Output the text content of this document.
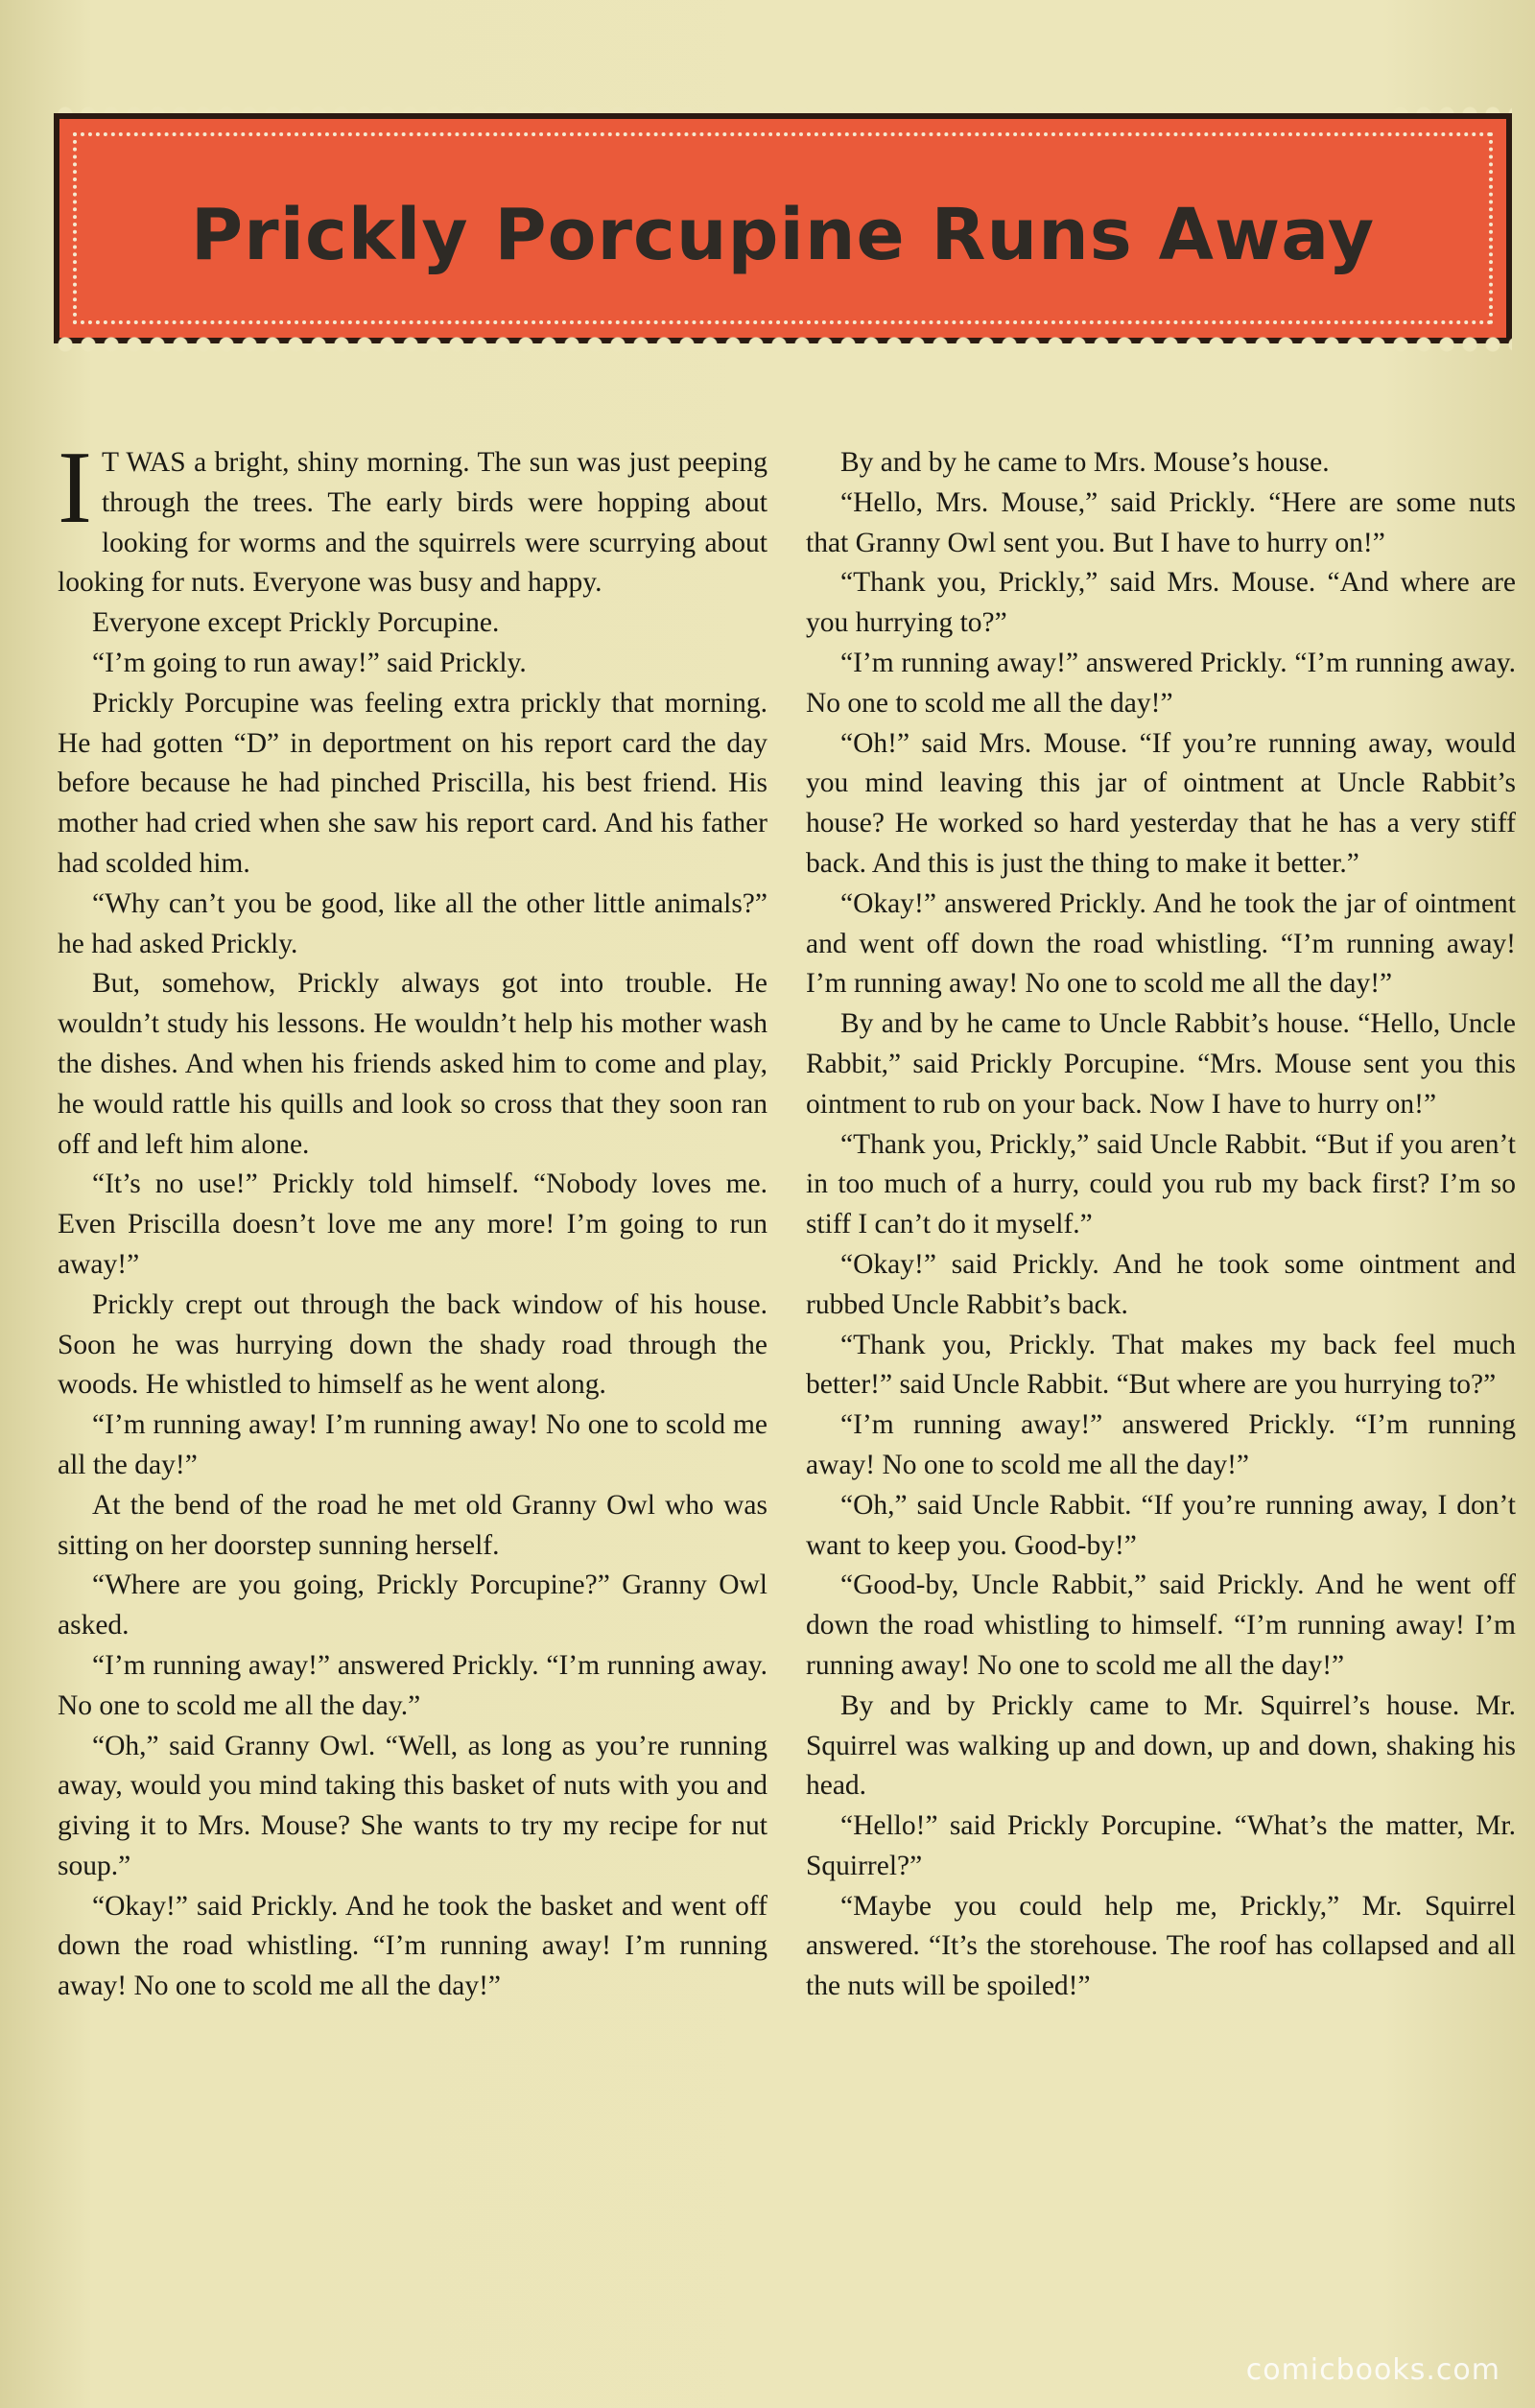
Prickly Porcupine Runs Away

I T WAS a bright, shiny morning. The sun was just peeping through the trees. The early birds were hopping about looking for worms and the squirrels were scurrying about looking for nuts. Everyone was busy and happy.

Everyone except Prickly Porcupine.

“I’m going to run away!” said Prickly.

Prickly Porcupine was feeling extra prickly that morning. He had gotten “D” in deportment on his report card the day before because he had pinched Priscilla, his best friend. His mother had cried when she saw his report card. And his father had scolded him.

“Why can’t you be good, like all the other little animals?” he had asked Prickly.

But, somehow, Prickly always got into trouble. He wouldn’t study his lessons. He wouldn’t help his mother wash the dishes. And when his friends asked him to come and play, he would rattle his quills and look so cross that they soon ran off and left him alone.

“It’s no use!” Prickly told himself. “Nobody loves me. Even Priscilla doesn’t love me any more! I’m going to run away!”

Prickly crept out through the back window of his house. Soon he was hurrying down the shady road through the woods. He whistled to himself as he went along.

“I’m running away! I’m running away! No one to scold me all the day!”

At the bend of the road he met old Granny Owl who was sitting on her doorstep sunning herself.

“Where are you going, Prickly Porcupine?” Granny Owl asked.

“I’m running away!” answered Prickly. “I’m running away. No one to scold me all the day.”

“Oh,” said Granny Owl. “Well, as long as you’re running away, would you mind taking this basket of nuts with you and giving it to Mrs. Mouse? She wants to try my recipe for nut soup.”

“Okay!” said Prickly. And he took the basket and went off down the road whistling. “I’m running away! I’m running away! No one to scold me all the day!”

By and by he came to Mrs. Mouse’s house.

“Hello, Mrs. Mouse,” said Prickly. “Here are some nuts that Granny Owl sent you. But I have to hurry on!”

“Thank you, Prickly,” said Mrs. Mouse. “And where are you hurrying to?”

“I’m running away!” answered Prickly. “I’m running away. No one to scold me all the day!”

“Oh!” said Mrs. Mouse. “If you’re running away, would you mind leaving this jar of ointment at Uncle Rabbit’s house? He worked so hard yesterday that he has a very stiff back. And this is just the thing to make it better.”

“Okay!” answered Prickly. And he took the jar of ointment and went off down the road whistling. “I’m running away! I’m running away! No one to scold me all the day!”

By and by he came to Uncle Rabbit’s house. “Hello, Uncle Rabbit,” said Prickly Porcupine. “Mrs. Mouse sent you this ointment to rub on your back. Now I have to hurry on!”

“Thank you, Prickly,” said Uncle Rabbit. “But if you aren’t in too much of a hurry, could you rub my back first? I’m so stiff I can’t do it myself.”

“Okay!” said Prickly. And he took some ointment and rubbed Uncle Rabbit’s back.

“Thank you, Prickly. That makes my back feel much better!” said Uncle Rabbit. “But where are you hurrying to?”

“I’m running away!” answered Prickly. “I’m running away! No one to scold me all the day!”

“Oh,” said Uncle Rabbit. “If you’re running away, I don’t want to keep you. Good-by!”

“Good-by, Uncle Rabbit,” said Prickly. And he went off down the road whistling to himself. “I’m running away! I’m running away! No one to scold me all the day!”

By and by Prickly came to Mr. Squirrel’s house. Mr. Squirrel was walking up and down, up and down, shaking his head.

“Hello!” said Prickly Porcupine. “What’s the matter, Mr. Squirrel?”

“Maybe you could help me, Prickly,” Mr. Squirrel answered. “It’s the storehouse. The roof has collapsed and all the nuts will be spoiled!”

comicbooks.com
